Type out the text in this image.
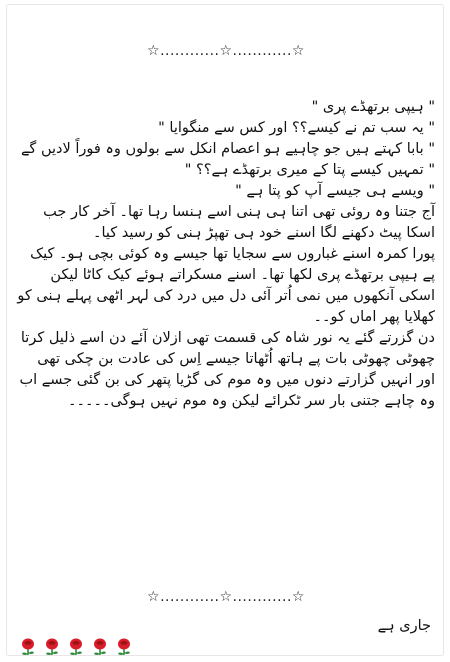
☆............☆............☆

" ہیپی برتھڈے پری "

" یہ سب تم نے کیسے؟؟ اور کس سے منگوایا "

" بابا کہتے ہیں جو چاہیے ہو اعصام انکل سے بولوں وہ فوراً لادیں گے

" تمہیں کیسے پتا کے میری برتھڈے ہے؟؟ "

" ویسے ہی جیسے آپ کو پتا ہے "

آج جتنا وہ روئی تھی اتنا ہی ہنی اسے ہنسا رہا تھا۔ آخر کار جب اسکا پیٹ دکھنے لگا اسنے خود ہی تھپڑ ہنی کو رسید کیا۔

پورا کمرہ اسنے غباروں سے سجایا تھا جیسے وہ کوئی بچی ہو۔ کیک پے ہیپی برتھڈے پری لکھا تھا۔ اسنے مسکراتے ہوئے کیک کاٹا لیکن اسکی آنکھوں میں نمی اُتر آئی دل میں درد کی لہر اٹھی پہلے ہنی کو کھلایا پھر اماں کو۔۔

دن گزرتے گئے یہ نور شاہ کی قسمت تھی ازلان آئے دن اسے ذلیل کرتا چھوٹی چھوٹی بات پے ہاتھ اُٹھاتا جیسے اِس کی عادت بن چکی تھی اور انہیں گزارتے دنوں میں وہ موم کی گڑیا پتھر کی بن گئی جسے اب وہ چاہے جتنی بار سر ٹکرائے لیکن وہ موم نہیں ہوگی۔۔۔۔۔

☆............☆............☆
جاری ہے
